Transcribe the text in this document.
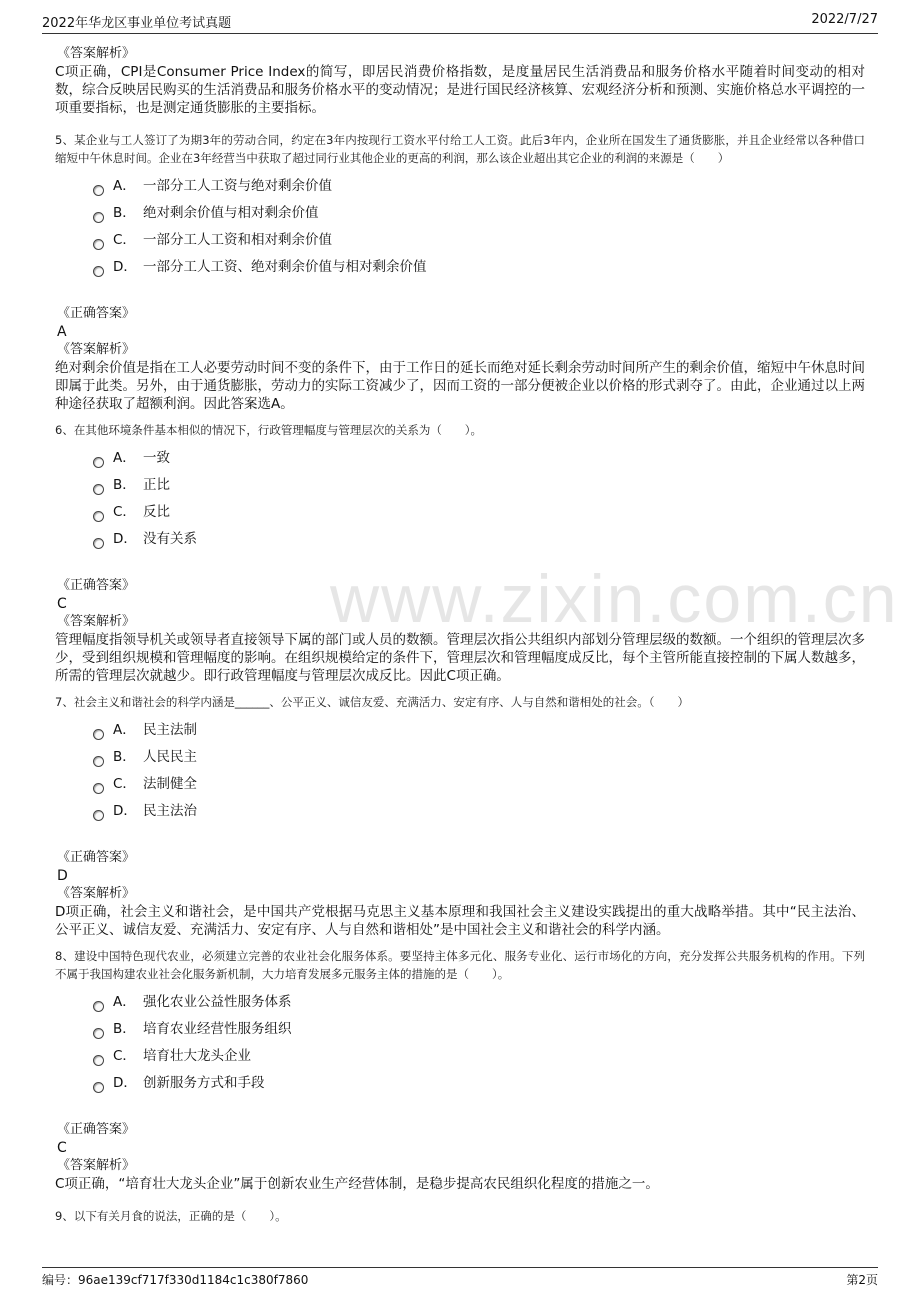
www.zixin.com.cn
2022年华龙区事业单位考试真题	2022/7/27
《答案解析》
C项正确，CPI是Consumer Price Index的简写，即居民消费价格指数，是度量居民生活消费品和服务价格水平随着时间变动的相对数，综合反映居民购买的生活消费品和服务价格水平的变动情况；是进行国民经济核算、宏观经济分析和预测、实施价格总水平调控的一项重要指标，也是测定通货膨胀的主要指标。
5、某企业与工人签订了为期3年的劳动合同，约定在3年内按现行工资水平付给工人工资。此后3年内，企业所在国发生了通货膨胀，并且企业经常以各种借口缩短中午休息时间。企业在3年经营当中获取了超过同行业其他企业的更高的利润，那么该企业超出其它企业的利润的来源是（　　）
A． 一部分工人工资与绝对剩余价值
B． 绝对剩余价值与相对剩余价值
C． 一部分工人工资和相对剩余价值
D． 一部分工人工资、绝对剩余价值与相对剩余价值
《正确答案》
A
《答案解析》
绝对剩余价值是指在工人必要劳动时间不变的条件下，由于工作日的延长而绝对延长剩余劳动时间所产生的剩余价值，缩短中午休息时间即属于此类。另外，由于通货膨胀，劳动力的实际工资减少了，因而工资的一部分便被企业以价格的形式剥夺了。由此，企业通过以上两种途径获取了超额利润。因此答案选A。
6、在其他环境条件基本相似的情况下，行政管理幅度与管理层次的关系为（　　）。
A． 一致
B． 正比
C． 反比
D． 没有关系
《正确答案》
C
《答案解析》
管理幅度指领导机关或领导者直接领导下属的部门或人员的数额。管理层次指公共组织内部划分管理层级的数额。一个组织的管理层次多少，受到组织规模和管理幅度的影响。在组织规模给定的条件下，管理层次和管理幅度成反比，每个主管所能直接控制的下属人数越多，所需的管理层次就越少。即行政管理幅度与管理层次成反比。因此C项正确。
7、社会主义和谐社会的科学内涵是______、公平正义、诚信友爱、充满活力、安定有序、人与自然和谐相处的社会。（　　）
A． 民主法制
B． 人民民主
C． 法制健全
D． 民主法治
《正确答案》
D
《答案解析》
D项正确，社会主义和谐社会，是中国共产党根据马克思主义基本原理和我国社会主义建设实践提出的重大战略举措。其中“民主法治、公平正义、诚信友爱、充满活力、安定有序、人与自然和谐相处”是中国社会主义和谐社会的科学内涵。
8、建设中国特色现代农业，必须建立完善的农业社会化服务体系。要坚持主体多元化、服务专业化、运行市场化的方向，充分发挥公共服务机构的作用。下列不属于我国构建农业社会化服务新机制，大力培育发展多元服务主体的措施的是（　　）。
A． 强化农业公益性服务体系
B． 培育农业经营性服务组织
C． 培育壮大龙头企业
D． 创新服务方式和手段
《正确答案》
C
《答案解析》
C项正确，“培育壮大龙头企业”属于创新农业生产经营体制，是稳步提高农民组织化程度的措施之一。
9、以下有关月食的说法，正确的是（　　）。
编号：96ae139cf717f330d1184c1c380f7860	第2页
